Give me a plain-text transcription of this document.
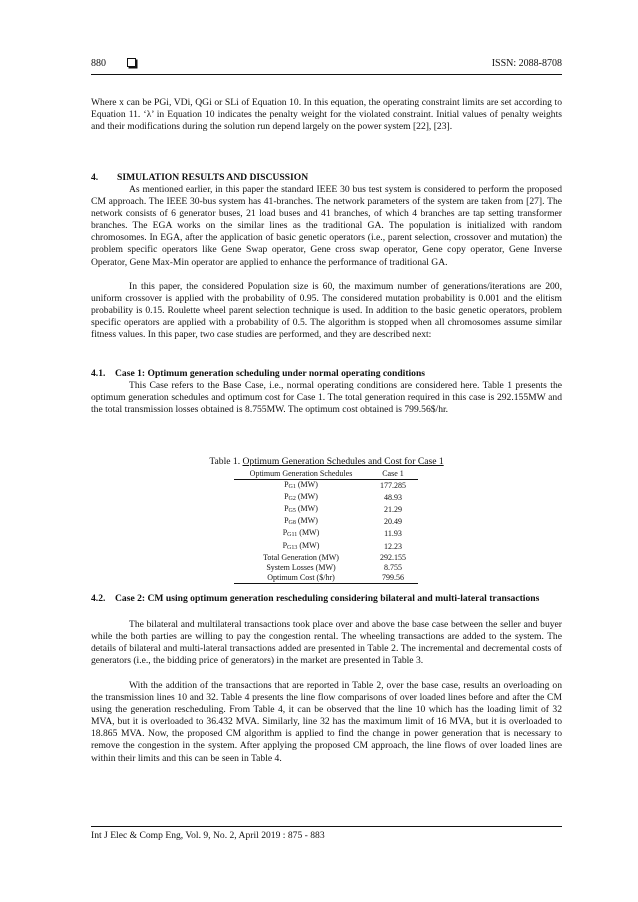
880	ISSN: 2088-8708

Where x can be PGi, VDi, QGi or SLi of Equation 10. In this equation, the operating constraint limits are set according to Equation 11. ‘λ’ in Equation 10 indicates the penalty weight for the violated constraint. Initial values of penalty weights and their modifications during the solution run depend largely on the power system [22], [23].

4. SIMULATION RESULTS AND DISCUSSION

As mentioned earlier, in this paper the standard IEEE 30 bus test system is considered to perform the proposed CM approach. The IEEE 30-bus system has 41-branches. The network parameters of the system are taken from [27]. The network consists of 6 generator buses, 21 load buses and 41 branches, of which 4 branches are tap setting transformer branches. The EGA works on the similar lines as the traditional GA. The population is initialized with random chromosomes. In EGA, after the application of basic genetic operators (i.e., parent selection, crossover and mutation) the problem specific operators like Gene Swap operator, Gene cross swap operator, Gene copy operator, Gene Inverse Operator, Gene Max-Min operator are applied to enhance the performance of traditional GA.

In this paper, the considered Population size is 60, the maximum number of generations/iterations are 200, uniform crossover is applied with the probability of 0.95. The considered mutation probability is 0.001 and the elitism probability is 0.15. Roulette wheel parent selection technique is used. In addition to the basic genetic operators, problem specific operators are applied with a probability of 0.5. The algorithm is stopped when all chromosomes assume similar fitness values. In this paper, two case studies are performed, and they are described next:

4.1. Case 1: Optimum generation scheduling under normal operating conditions

This Case refers to the Base Case, i.e., normal operating conditions are considered here. Table 1 presents the optimum generation schedules and optimum cost for Case 1. The total generation required in this case is 292.155MW and the total transmission losses obtained is 8.755MW. The optimum cost obtained is 799.56$/hr.

Table 1. Optimum Generation Schedules and Cost for Case 1
Optimum Generation Schedules	Case 1
$P_{G1}$ (MW)	177.285
$P_{G2}$ (MW)	48.93
$P_{G5}$ (MW)	21.29
$P_{G8}$ (MW)	20.49
$P_{G11}$ (MW)	11.93
$P_{G13}$ (MW)	12.23
Total Generation (MW)	292.155
System Losses (MW)	8.755
Optimum Cost ($/hr)	799.56
4.2. Case 2: CM using optimum generation rescheduling considering bilateral and multi-lateral transactions

The bilateral and multilateral transactions took place over and above the base case between the seller and buyer while the both parties are willing to pay the congestion rental. The wheeling transactions are added to the system. The details of bilateral and multi-lateral transactions added are presented in Table 2. The incremental and decremental costs of generators (i.e., the bidding price of generators) in the market are presented in Table 3.

With the addition of the transactions that are reported in Table 2, over the base case, results an overloading on the transmission lines 10 and 32. Table 4 presents the line flow comparisons of over loaded lines before and after the CM using the generation rescheduling. From Table 4, it can be observed that the line 10 which has the loading limit of 32 MVA, but it is overloaded to 36.432 MVA. Similarly, line 32 has the maximum limit of 16 MVA, but it is overloaded to 18.865 MVA. Now, the proposed CM algorithm is applied to find the change in power generation that is necessary to remove the congestion in the system. After applying the proposed CM approach, the line flows of over loaded lines are within their limits and this can be seen in Table 4.

Int J Elec & Comp Eng, Vol. 9, No. 2, April 2019 : 875 - 883
